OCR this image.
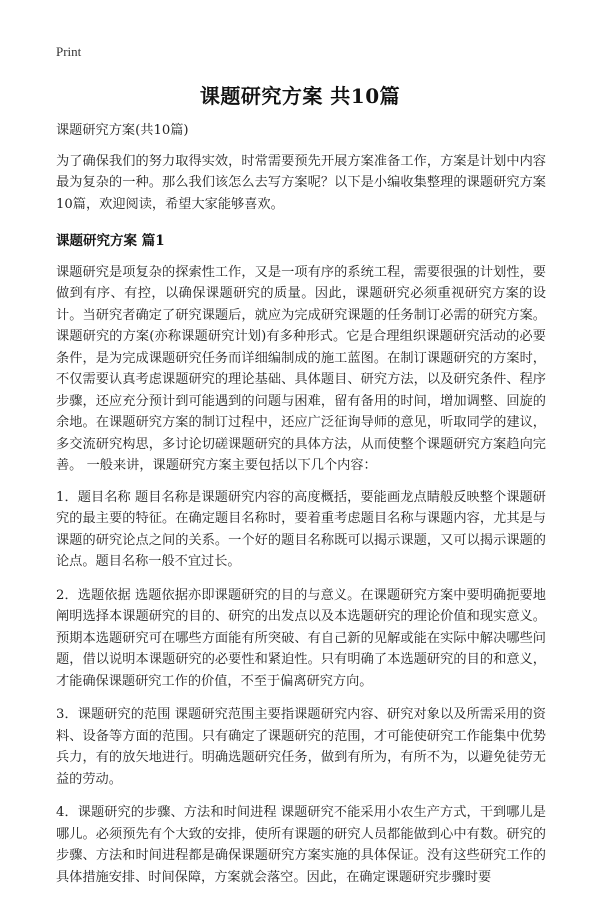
Print
课题研究方案 共10篇

课题研究方案(共10篇)

为了确保我们的努力取得实效，时常需要预先开展方案准备工作，方案是计划中内容最为复杂的一种。那么我们该怎么去写方案呢？以下是小编收集整理的课题研究方案10篇，欢迎阅读，希望大家能够喜欢。

课题研究方案 篇1

课题研究是项复杂的探索性工作，又是一项有序的系统工程，需要很强的计划性，要做到有序、有控，以确保课题研究的质量。因此，课题研究必须重视研究方案的设计。当研究者确定了研究课题后，就应为完成研究课题的任务制订必需的研究方案。课题研究的方案(亦称课题研究计划)有多种形式。它是合理组织课题研究活动的必要条件，是为完成课题研究任务而详细编制成的施工蓝图。在制订课题研究的方案时，不仅需要认真考虑课题研究的理论基础、具体题目、研究方法，以及研究条件、程序步骤，还应充分预计到可能遇到的问题与困难，留有备用的时间，增加调整、回旋的余地。在课题研究方案的制订过程中，还应广泛征询导师的意见，听取同学的建议，多交流研究构思，多讨论切磋课题研究的具体方法，从而使整个课题研究方案趋向完善。 一般来讲，课题研究方案主要包括以下几个内容：

1．题目名称 题目名称是课题研究内容的高度概括，要能画龙点睛般反映整个课题研究的最主要的特征。在确定题目名称时，要着重考虑题目名称与课题内容，尤其是与课题的研究论点之间的关系。一个好的题目名称既可以揭示课题，又可以揭示课题的论点。题目名称一般不宜过长。

2．选题依据 选题依据亦即课题研究的目的与意义。在课题研究方案中要明确扼要地阐明选择本课题研究的目的、研究的出发点以及本选题研究的理论价值和现实意义。预期本选题研究可在哪些方面能有所突破、有自己新的见解或能在实际中解决哪些问题，借以说明本课题研究的必要性和紧迫性。只有明确了本选题研究的目的和意义，才能确保课题研究工作的价值，不至于偏离研究方向。

3．课题研究的范围 课题研究范围主要指课题研究内容、研究对象以及所需采用的资料、设备等方面的范围。只有确定了课题研究的范围，才可能使研究工作能集中优势兵力，有的放矢地进行。明确选题研究任务，做到有所为，有所不为，以避免徒劳无益的劳动。

4．课题研究的步骤、方法和时间进程 课题研究不能采用小农生产方式，干到哪儿是哪儿。必须预先有个大致的安排，使所有课题的研究人员都能做到心中有数。研究的步骤、方法和时间进程都是确保课题研究方案实施的具体保证。没有这些研究工作的具体措施安排、时间保障，方案就会落空。因此，在确定课题研究步骤时要
